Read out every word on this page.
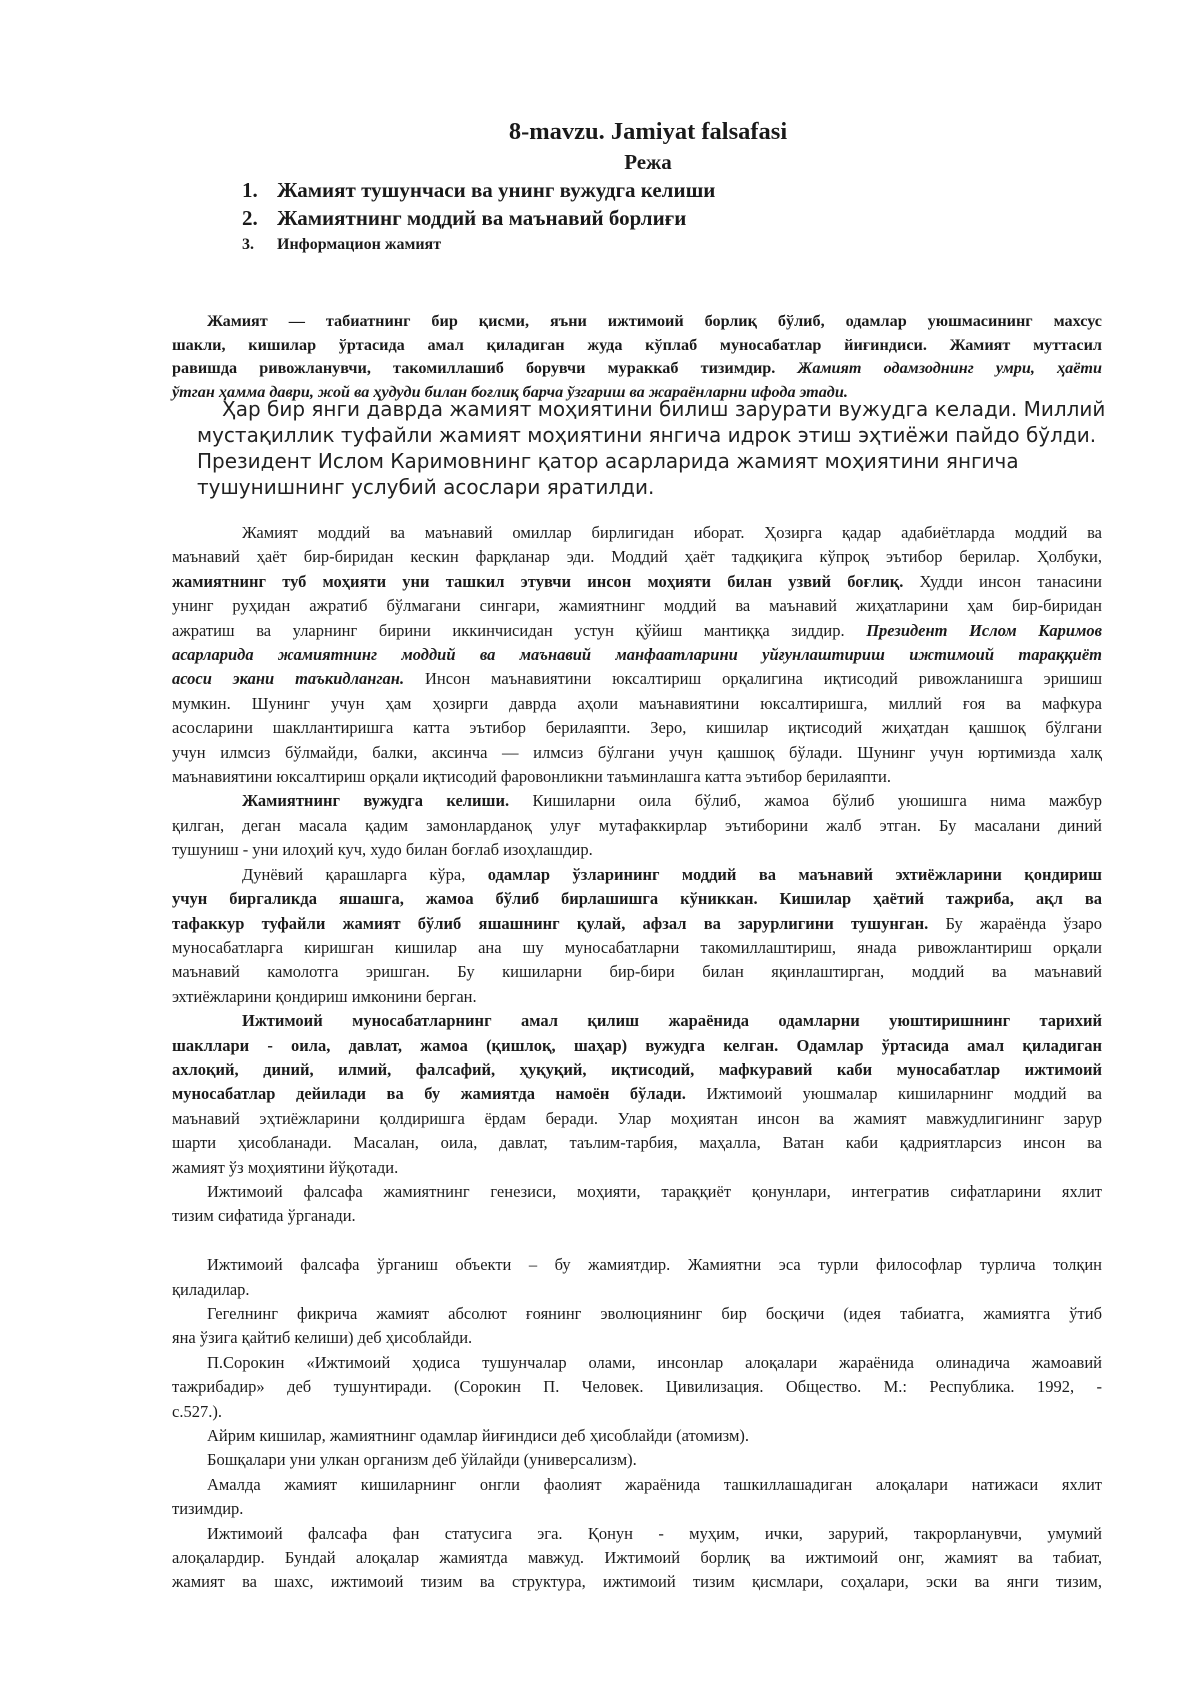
8-mavzu. Jamiyat falsafasi
Режа
1. Жамият тушунчаси ва унинг вужудга келиши
2. Жамиятнинг моддий ва маънавий борлиғи
3. Информацион жамият
Жамият — табиатнинг бир қисми, яъни ижтимоий борлиқ бўлиб, одамлар уюшмасининг махсус
шакли, кишилар ўртасида амал қиладиган жуда кўплаб муносабатлар йиғиндиси. Жамият муттасил
равишда ривожланувчи, такомиллашиб борувчи мураккаб тизимдир. Жамият одамзоднинг умри, ҳаёти
ўтган ҳамма даври, жой ва ҳудуди билан боғлиқ барча ўзгариш ва жараёнларни ифода этади.
Ҳар бир янги даврда жамият моҳиятини билиш зарурати вужудга келади. Миллий
мустақиллик туфайли жамият моҳиятини янгича идрок этиш эҳтиёжи пайдо бўлди.
Президент Ислом Каримовнинг қатор асарларида жамият моҳиятини янгича
тушунишнинг услубий асослари яратилди.
Жамият моддий ва маънавий омиллар бирлигидан иборат. Ҳозирга қадар адабиётларда моддий ва
маънавий ҳаёт бир-биридан кескин фарқланар эди. Моддий ҳаёт тадқиқига кўпроқ эътибор берилар. Ҳолбуки,
жамиятнинг туб моҳияти уни ташкил этувчи инсон моҳияти билан узвий боғлиқ. Худди инсон танасини
унинг руҳидан ажратиб бўлмагани сингари, жамиятнинг моддий ва маънавий жиҳатларини ҳам бир-биридан
ажратиш ва уларнинг бирини иккинчисидан устун қўйиш мантиққа зиддир. Президент Ислом Каримов
асарларида жамиятнинг моддий ва маънавий манфаатларини уйғунлаштириш ижтимоий тараққиёт
асоси экани таъкидланган. Инсон маънавиятини юксалтириш орқалигина иқтисодий ривожланишга эришиш
мумкин. Шунинг учун ҳам ҳозирги даврда аҳоли маънавиятини юксалтиришга, миллий ғоя ва мафкура
асосларини шакллантиришга катта эътибор берилаяпти. Зеро, кишилар иқтисодий жиҳатдан қашшоқ бўлгани
учун илмсиз бўлмайди, балки, аксинча — илмсиз бўлгани учун қашшоқ бўлади. Шунинг учун юртимизда халқ
маънавиятини юксалтириш орқали иқтисодий фаровонликни таъминлашга катта эътибор берилаяпти.
Жамиятнинг вужудга келиши. Кишиларни оила бўлиб, жамоа бўлиб уюшишга нима мажбур
қилган, деган масала қадим замонларданоқ улуғ мутафаккирлар эътиборини жалб этган. Бу масалани диний
тушуниш - уни илоҳий куч, худо билан боғлаб изоҳлашдир.
Дунёвий қарашларга кўра, одамлар ўзларининг моддий ва маънавий эхтиёжларини қондириш
учун биргаликда яшашга, жамоа бўлиб бирлашишга кўниккан. Кишилар ҳаётий тажриба, ақл ва
тафаккур туфайли жамият бўлиб яшашнинг қулай, афзал ва зарурлигини тушунган. Бу жараёнда ўзаро
муносабатларга киришган кишилар ана шу муносабатларни такомиллаштириш, янада ривожлантириш орқали
маънавий камолотга эришган. Бу кишиларни бир-бири билан яқинлаштирган, моддий ва маънавий
эхтиёжларини қондириш имконини берган.
Ижтимоий муносабатларнинг амал қилиш жараёнида одамларни уюштиришнинг тарихий
шакллари - оила, давлат, жамоа (қишлоқ, шаҳар) вужудга келган. Одамлар ўртасида амал қиладиган
ахлоқий, диний, илмий, фалсафий, ҳуқуқий, иқтисодий, мафкуравий каби муносабатлар ижтимоий
муносабатлар дейилади ва бу жамиятда намоён бўлади. Ижтимоий уюшмалар кишиларнинг моддий ва
маънавий эҳтиёжларини қолдиришга ёрдам беради. Улар моҳиятан инсон ва жамият мавжудлигининг зарур
шарти ҳисобланади. Масалан, оила, давлат, таълим-тарбия, маҳалла, Ватан каби қадриятларсиз инсон ва
жамият ўз моҳиятини йўқотади.
Ижтимоий фалсафа жамиятнинг генезиси, моҳияти, тараққиёт қонунлари, интегратив сифатларини яхлит
тизим сифатида ўрганади.

Ижтимоий фалсафа ўрганиш объекти – бу жамиятдир. Жамиятни эса турли философлар турлича толқин
қиладилар.
Гегелнинг фикрича жамият абсолют ғоянинг эволюциянинг бир босқичи (идея табиатга, жамиятга ўтиб
яна ўзига қайтиб келиши) деб ҳисоблайди.
П.Сорокин «Ижтимоий ҳодиса тушунчалар олами, инсонлар алоқалари жараёнида олинадича жамоавий
тажрибадир» деб тушунтиради. (Сорокин П. Человек. Цивилизация. Общество. М.: Республика. 1992, -
с.527.).
Айрим кишилар, жамиятнинг одамлар йиғиндиси деб ҳисоблайди (атомизм).
Бошқалари уни улкан организм деб ўйлайди (универсализм).
Амалда жамият кишиларнинг онгли фаолият жараёнида ташкиллашадиган алоқалари натижаси яхлит
тизимдир.
Ижтимоий фалсафа фан статусига эга. Қонун - муҳим, ички, зарурий, такрорланувчи, умумий
алоқалардир. Бундай алоқалар жамиятда мавжуд. Ижтимоий борлиқ ва ижтимоий онг, жамият ва табиат,
жамият ва шахс, ижтимоий тизим ва структура, ижтимоий тизим қисмлари, соҳалари, эски ва янги тизим,
